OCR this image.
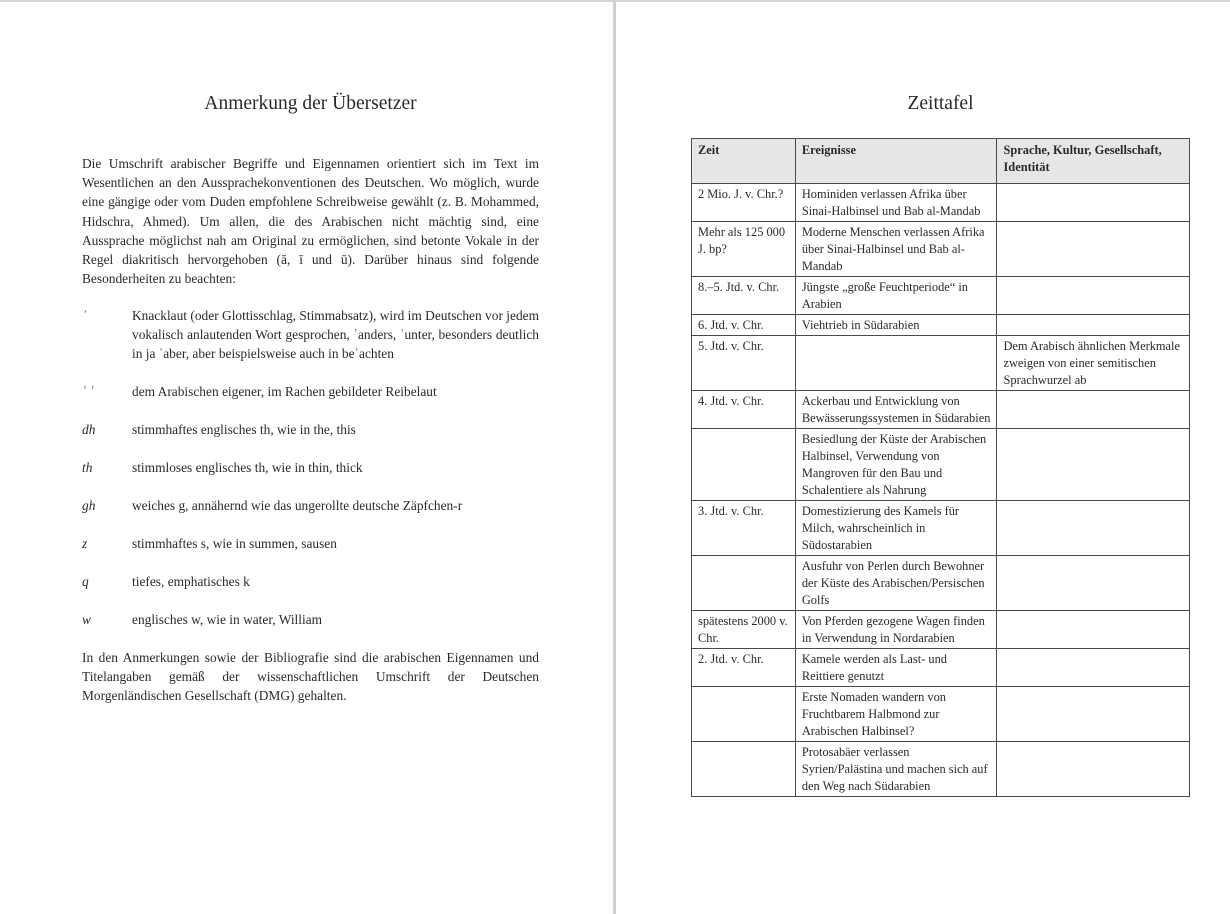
Anmerkung der Übersetzer

Die Umschrift arabischer Begriffe und Eigennamen orientiert sich im Text im Wesentlichen an den Aussprachekonventionen des Deutschen. Wo möglich, wurde eine gängige oder vom Duden empfohlene Schreibweise gewählt (z. B. Mohammed, Hidschra, Ahmed). Um allen, die des Arabischen nicht mächtig sind, eine Aussprache möglichst nah am Original zu ermöglichen, sind betonte Vokale in der Regel diakritisch hervorgehoben (ā, ī und ū). Darüber hinaus sind folgende Besonderheiten zu beachten:

ʾ	Knacklaut (oder Glottisschlag, Stimmabsatz), wird im Deutschen vor jedem vokalisch anlautenden Wort gesprochen, ʾanders, ʾunter, besonders deutlich in ja ʾaber, aber beispielsweise auch in beʾachten
ʿ ʿ	dem Arabischen eigener, im Rachen gebildeter Reibelaut
dh	stimmhaftes englisches th, wie in the, this
th	stimmloses englisches th, wie in thin, thick
gh	weiches g, annähernd wie das ungerollte deutsche Zäpfchen-r
z	stimmhaftes s, wie in summen, sausen
q	tiefes, emphatisches k
w	englisches w, wie in water, William

In den Anmerkungen sowie der Bibliografie sind die arabischen Eigennamen und Titelangaben gemäß der wissenschaftlichen Umschrift der Deutschen Morgenländischen Gesellschaft (DMG) gehalten.

Zeittafel
Zeit	Ereignisse	Sprache, Kultur, Gesellschaft, Identität
2 Mio. J. v. Chr.?	Hominiden verlassen Afrika über Sinai-Halbinsel und Bab al-Mandab	
Mehr als 125 000 J. bp?	Moderne Menschen verlassen Afrika über Sinai-Halbinsel und Bab al-Mandab	
8.–5. Jtd. v. Chr.	Jüngste „große Feuchtperiode“ in Arabien	
6. Jtd. v. Chr.	Viehtrieb in Südarabien	
5. Jtd. v. Chr.		Dem Arabisch ähnlichen Merkmale zweigen von einer semitischen Sprachwurzel ab
4. Jtd. v. Chr.	Ackerbau und Entwicklung von Bewässerungssystemen in Südarabien	
	Besiedlung der Küste der Arabischen Halbinsel, Verwendung von Mangroven für den Bau und Schalentiere als Nahrung	
3. Jtd. v. Chr.	Domestizierung des Kamels für Milch, wahrscheinlich in Südostarabien	
	Ausfuhr von Perlen durch Bewohner der Küste des Arabischen/Persischen Golfs	
spätestens 2000 v. Chr.	Von Pferden gezogene Wagen finden in Verwendung in Nordarabien	
2. Jtd. v. Chr.	Kamele werden als Last- und Reittiere genutzt	
	Erste Nomaden wandern von Fruchtbarem Halbmond zur Arabischen Halbinsel?	
	Protosabäer verlassen Syrien/Palästina und machen sich auf den Weg nach Südarabien	
